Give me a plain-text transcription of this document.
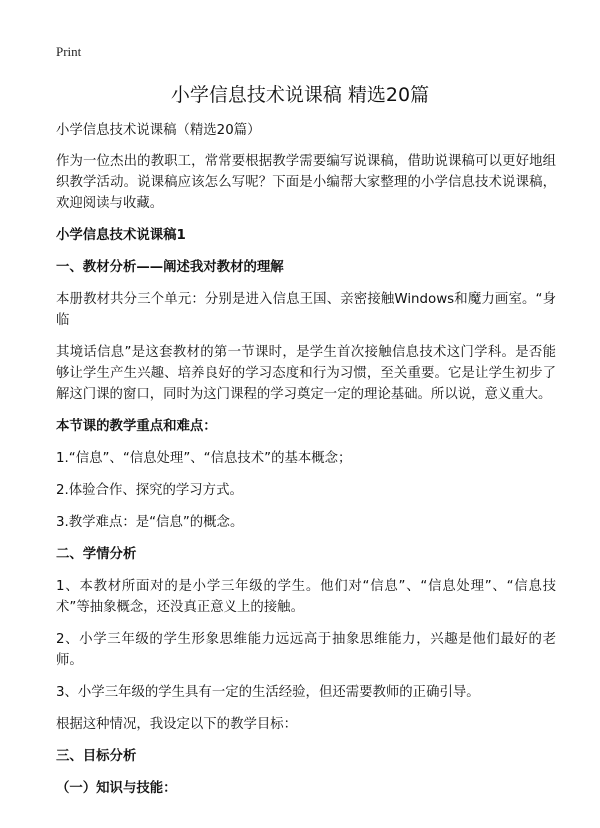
Print
小学信息技术说课稿 精选20篇
小学信息技术说课稿（精选20篇）
作为一位杰出的教职工，常常要根据教学需要编写说课稿，借助说课稿可以更好地组织教学活动。说课稿应该怎么写呢？下面是小编帮大家整理的小学信息技术说课稿，欢迎阅读与收藏。
小学信息技术说课稿1
一、教材分析——阐述我对教材的理解
本册教材共分三个单元：分别是进入信息王国、亲密接触Windows和魔力画室。“身临
其境话信息”是这套教材的第一节课时，是学生首次接触信息技术这门学科。是否能够让学生产生兴趣、培养良好的学习态度和行为习惯，至关重要。它是让学生初步了解这门课的窗口，同时为这门课程的学习奠定一定的理论基础。所以说，意义重大。
本节课的教学重点和难点：
1.“信息”、“信息处理”、“信息技术”的基本概念；
2.体验合作、探究的学习方式。
3.教学难点：是“信息”的概念。
二、学情分析
1、本教材所面对的是小学三年级的学生。他们对“信息”、“信息处理”、“信息技术”等抽象概念，还没真正意义上的接触。
2、小学三年级的学生形象思维能力远远高于抽象思维能力，兴趣是他们最好的老师。
3、小学三年级的学生具有一定的生活经验，但还需要教师的正确引导。
根据这种情况，我设定以下的教学目标：
三、目标分析
（一）知识与技能：
